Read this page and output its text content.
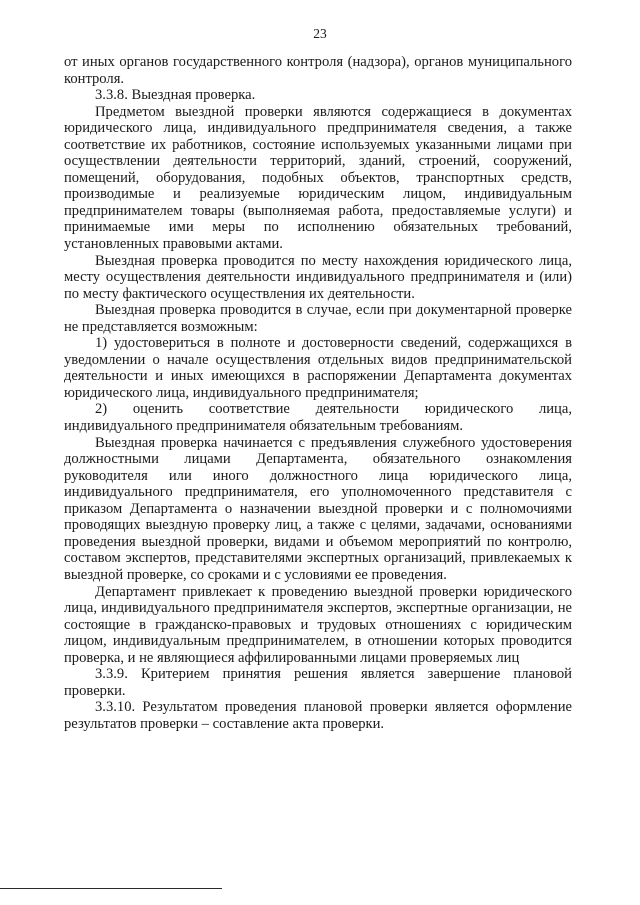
23

от иных органов государственного контроля (надзора), органов муниципального контроля.

3.3.8. Выездная проверка.

Предметом выездной проверки являются содержащиеся в документах юридического лица, индивидуального предпринимателя сведения, а также соответствие их работников, состояние используемых указанными лицами при осуществлении деятельности территорий, зданий, строений, сооружений, помещений, оборудования, подобных объектов, транспортных средств, производимые и реализуемые юридическим лицом, индивидуальным предпринимателем товары (выполняемая работа, предоставляемые услуги) и принимаемые ими меры по исполнению обязательных требований, установленных правовыми актами.

Выездная проверка проводится по месту нахождения юридического лица, месту осуществления деятельности индивидуального предпринимателя и (или) по месту фактического осуществления их деятельности.

Выездная проверка проводится в случае, если при документарной проверке не представляется возможным:

1) удостовериться в полноте и достоверности сведений, содержащихся в уведомлении о начале осуществления отдельных видов предпринимательской деятельности и иных имеющихся в распоряжении Департамента документах юридического лица, индивидуального предпринимателя;

2) оценить соответствие деятельности юридического лица, индивидуального предпринимателя обязательным требованиям.

Выездная проверка начинается с предъявления служебного удостоверения должностными лицами Департамента, обязательного ознакомления руководителя или иного должностного лица юридического лица, индивидуального предпринимателя, его уполномоченного представителя с приказом Департамента о назначении выездной проверки и с полномочиями проводящих выездную проверку лиц, а также с целями, задачами, основаниями проведения выездной проверки, видами и объемом мероприятий по контролю, составом экспертов, представителями экспертных организаций, привлекаемых к выездной проверке, со сроками и с условиями ее проведения.

Департамент привлекает к проведению выездной проверки юридического лица, индивидуального предпринимателя экспертов, экспертные организации, не состоящие в гражданско-правовых и трудовых отношениях с юридическим лицом, индивидуальным предпринимателем, в отношении которых проводится проверка, и не являющиеся аффилированными лицами проверяемых лиц

3.3.9. Критерием принятия решения является завершение плановой проверки.

3.3.10. Результатом проведения плановой проверки является оформление результатов проверки – составление акта проверки.
